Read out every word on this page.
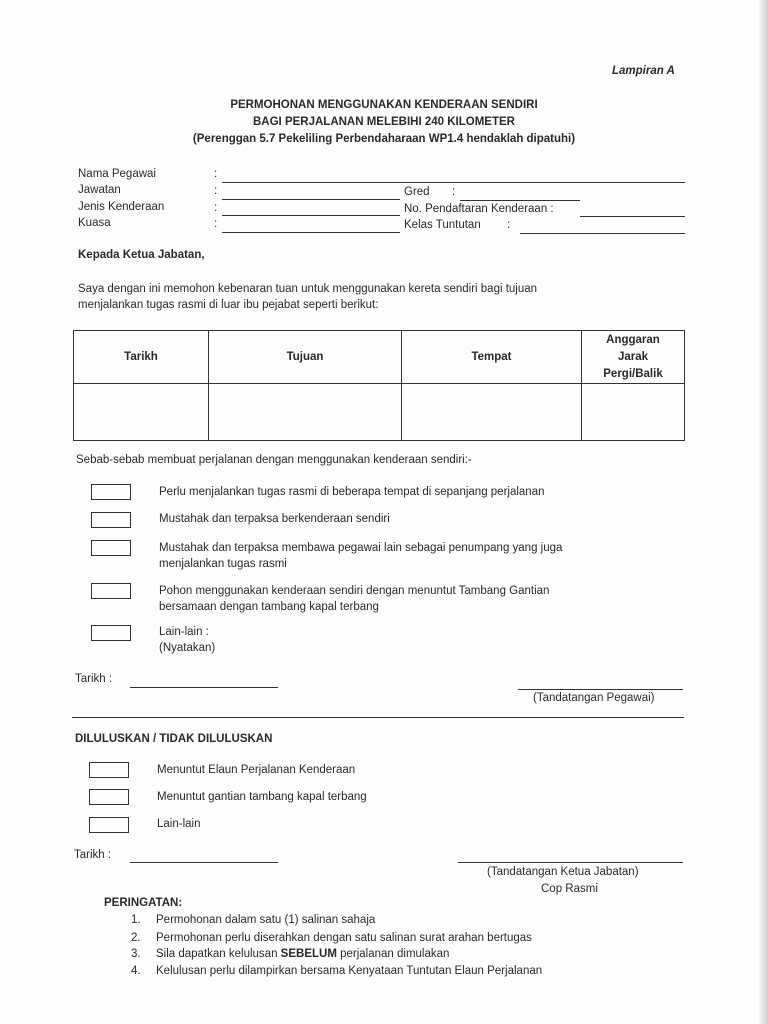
Lampiran A
PERMOHONAN MENGGUNAKAN KENDERAAN SENDIRI
BAGI PERJALANAN MELEBIHI 240 KILOMETER
(Perenggan 5.7 Pekeliling Perbendaharaan WP1.4 hendaklah dipatuhi)
Nama Pegawai	:
Jawatan	:	Gred :
Jenis Kenderaan	:	No. Pendaftaran Kenderaan :
Kuasa	:	Kelas Tuntutan :
Kepada Ketua Jabatan,
Saya dengan ini memohon kebenaran tuan untuk menggunakan kereta sendiri bagi tujuan
menjalankan tugas rasmi di luar ibu pejabat seperti berikut:
Tarikh	Tujuan	Tempat	Anggaran
Jarak
Pergi/Balik

Sebab-sebab membuat perjalanan dengan menggunakan kenderaan sendiri:-
Perlu menjalankan tugas rasmi di beberapa tempat di sepanjang perjalanan
Mustahak dan terpaksa berkenderaan sendiri
Mustahak dan terpaksa membawa pegawai lain sebagai penumpang yang juga
menjalankan tugas rasmi
Pohon menggunakan kenderaan sendiri dengan menuntut Tambang Gantian
bersamaan dengan tambang kapal terbang
Lain-lain :
(Nyatakan)
Tarikh :
(Tandatangan Pegawai)
DILULUSKAN / TIDAK DILULUSKAN
Menuntut Elaun Perjalanan Kenderaan
Menuntut gantian tambang kapal terbang
Lain-lain
Tarikh :
(Tandatangan Ketua Jabatan)
Cop Rasmi
PERINGATAN:
1. Permohonan dalam satu (1) salinan sahaja
2. Permohonan perlu diserahkan dengan satu salinan surat arahan bertugas
3. Sila dapatkan kelulusan SEBELUM perjalanan dimulakan
4. Kelulusan perlu dilampirkan bersama Kenyataan Tuntutan Elaun Perjalanan
